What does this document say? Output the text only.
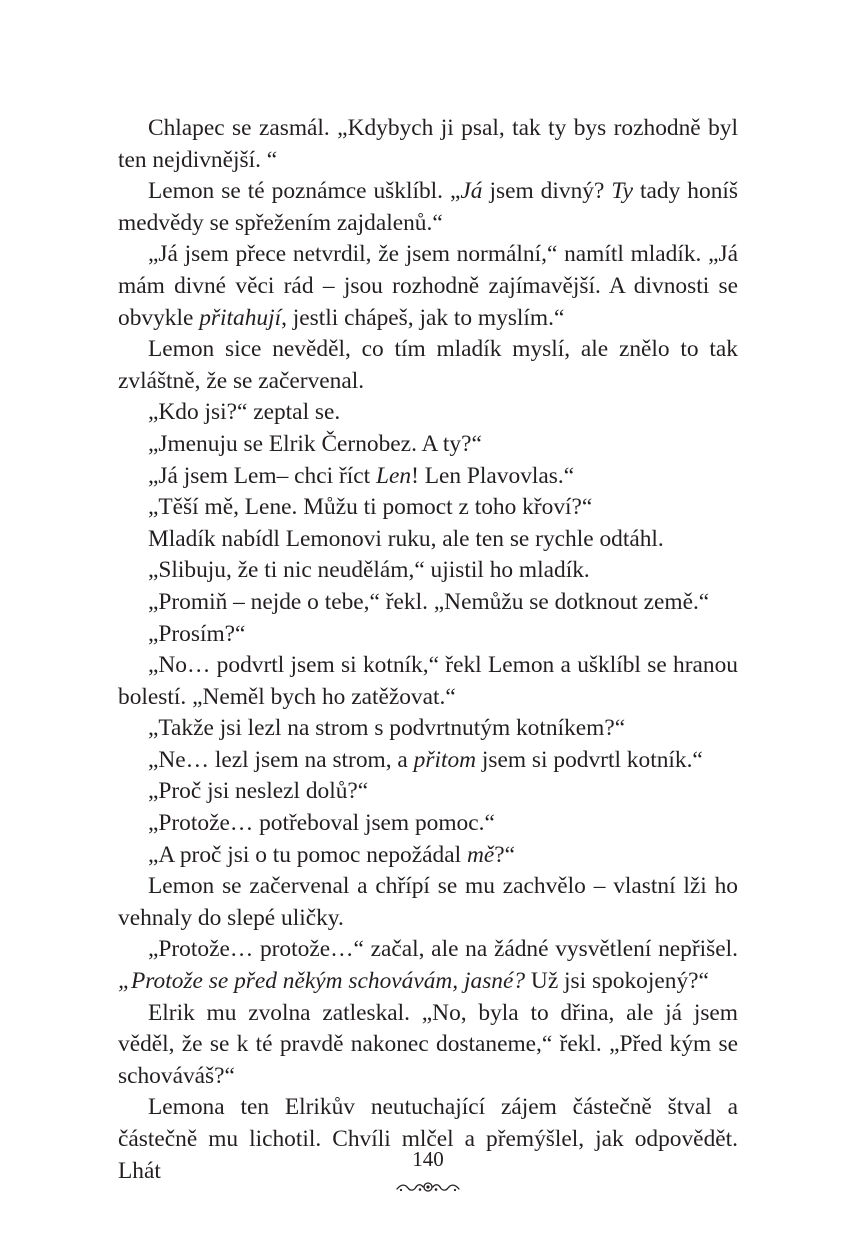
Chlapec se zasmál. „Kdybych ji psal, tak ty bys rozhodně byl ten nejdivnější. “

Lemon se té poznámce ušklíbl. „Já jsem divný? Ty tady honíš medvědy se spřežením zajdalenů.“

„Já jsem přece netvrdil, že jsem normální,“ namítl mladík. „Já mám divné věci rád – jsou rozhodně zajímavější. A divnosti se obvykle přitahují, jestli chápeš, jak to myslím.“

Lemon sice nevěděl, co tím mladík myslí, ale znělo to tak zvláštně, že se začervenal.

„Kdo jsi?“ zeptal se.

„Jmenuju se Elrik Černobez. A ty?“

„Já jsem Lem– chci říct Len! Len Plavovlas.“

„Těší mě, Lene. Můžu ti pomoct z toho křoví?“

Mladík nabídl Lemonovi ruku, ale ten se rychle odtáhl.

„Slibuju, že ti nic neudělám,“ ujistil ho mladík.

„Promiň – nejde o tebe,“ řekl. „Nemůžu se dotknout země.“

„Prosím?“

„No… podvrtl jsem si kotník,“ řekl Lemon a ušklíbl se hranou bolestí. „Neměl bych ho zatěžovat.“

„Takže jsi lezl na strom s podvrtnutým kotníkem?“

„Ne… lezl jsem na strom, a přitom jsem si podvrtl kotník.“

„Proč jsi neslezl dolů?“

„Protože… potřeboval jsem pomoc.“

„A proč jsi o tu pomoc nepožádal mě?“

Lemon se začervenal a chřípí se mu zachvělo – vlastní lži ho vehnaly do slepé uličky.

„Protože… protože…“ začal, ale na žádné vysvětlení nepřišel. „Protože se před někým schovávám, jasné? Už jsi spokojený?“

Elrik mu zvolna zatleskal. „No, byla to dřina, ale já jsem věděl, že se k té pravdě nakonec dostaneme,“ řekl. „Před kým se schováváš?“

Lemona ten Elrikův neutuchající zájem částečně štval a částečně mu lichotil. Chvíli mlčel a přemýšlel, jak odpovědět. Lhát	140
